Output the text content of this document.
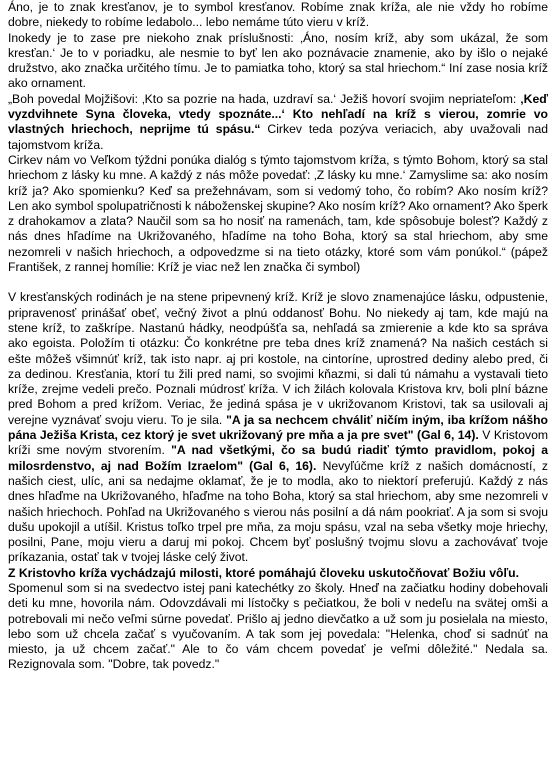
Áno, je to znak kresťanov, je to symbol kresťanov. Robíme znak kríža, ale nie vždy ho robíme dobre, niekedy to robíme ledabolo... lebo nemáme túto vieru v kríž.

Inokedy je to zase pre niekoho znak príslušnosti: ‚Áno, nosím kríž, aby som ukázal, že som kresťan.‘ Je to v poriadku, ale nesmie to byť len ako poznávacie znamenie, ako by išlo o nejaké družstvo, ako značka určitého tímu. Je to pamiatka toho, ktorý sa stal hriechom.“ Iní zase nosia kríž ako ornament.

„Boh povedal Mojžišovi: ‚Kto sa pozrie na hada, uzdraví sa.‘ Ježiš hovorí svojim nepriateľom: ‚Keď vyzdvihnete Syna človeka, vtedy spoznáte...‘ Kto nehľadí na kríž s vierou, zomrie vo vlastných hriechoch, neprijme tú spásu.“ Cirkev teda pozýva veriacich, aby uvažovali nad tajomstvom kríža.

Cirkev nám vo Veľkom týždni ponúka dialóg s týmto tajomstvom kríža, s týmto Bohom, ktorý sa stal hriechom z lásky ku mne. A každý z nás môže povedať: ‚Z lásky ku mne.‘ Zamyslime sa: ako nosím kríž ja? Ako spomienku? Keď sa prežehnávam, som si vedomý toho, čo robím? Ako nosím kríž? Len ako symbol spolupatričnosti k náboženskej skupine? Ako nosím kríž? Ako ornament? Ako šperk z drahokamov a zlata? Naučil som sa ho nosiť na ramenách, tam, kde spôsobuje bolesť? Každý z nás dnes hľadíme na Ukrižovaného, hľadíme na toho Boha, ktorý sa stal hriechom, aby sme nezomreli v našich hriechoch, a odpovedzme si na tieto otázky, ktoré som vám ponúkol.“ (pápež František, z rannej homílie: Kríž je viac než len značka či symbol)

V kresťanských rodinách je na stene pripevnený kríž. Kríž je slovo znamenajúce lásku, odpustenie, pripravenosť prinášať obeť, večný život a plnú oddanosť Bohu. No niekedy aj tam, kde majú na stene kríž, to zaškrípe. Nastanú hádky, neodpúšťa sa, nehľadá sa zmierenie a kde kto sa správa ako egoista. Položím ti otázku: Čo konkrétne pre teba dnes kríž znamená? Na našich cestách si ešte môžeš všimnúť kríž, tak isto napr. aj pri kostole, na cintoríne, uprostred dediny alebo pred, či za dedinou. Kresťania, ktorí tu žili pred nami, so svojimi kňazmi, si dali tú námahu a vystavali tieto kríže, zrejme vedeli prečo. Poznali múdrosť kríža. V ich žilách kolovala Kristova krv, boli plní bázne pred Bohom a pred krížom. Veriac, že jediná spása je v ukrižovanom Kristovi, tak sa usilovali aj verejne vyznávať svoju vieru. To je sila. "A ja sa nechcem chváliť ničím iným, iba krížom nášho pána Ježiša Krista, cez ktorý je svet ukrižovaný pre mňa a ja pre svet" (Gal 6, 14). V Kristovom kríži sme novým stvorením. "A nad všetkými, čo sa budú riadiť týmto pravidlom, pokoj a milosrdenstvo, aj nad Božím Izraelom" (Gal 6, 16). Nevyľúčme kríž z našich domácností, z našich ciest, ulíc, ani sa nedajme oklamať, že je to modla, ako to niektorí preferujú. Každý z nás dnes hľaďme na Ukrižovaného, hľaďme na toho Boha, ktorý sa stal hriechom, aby sme nezomreli v našich hriechoch. Pohľad na Ukrižovaného s vierou nás posilní a dá nám pookriať. A ja som si svoju dušu upokojil a utíšil. Kristus toľko trpel pre mňa, za moju spásu, vzal na seba všetky moje hriechy, posilni, Pane, moju vieru a daruj mi pokoj. Chcem byť poslušný tvojmu slovu a zachovávať tvoje príkazania, ostať tak v tvojej láske celý život.

Z Kristovho kríža vychádzajú milosti, ktoré pomáhajú človeku uskutočňovať Božiu vôľu.

Spomenul som si na svedectvo istej pani katechétky zo školy. Hneď na začiatku hodiny dobehovali deti ku mne, hovorila nám. Odovzdávali mi lístočky s pečiatkou, že boli v nedeľu na svätej omši a potrebovali mi nečo veľmi súrne povedať. Prišlo aj jedno dievčatko a už som ju posielala na miesto, lebo som už chcela začať s vyučovaním. A tak som jej povedala: "Helenka, choď si sadnúť na miesto, ja už chcem začať." Ale to čo vám chcem povedať je veľmi dôležité." Nedala sa. Rezignovala som. "Dobre, tak povedz."
